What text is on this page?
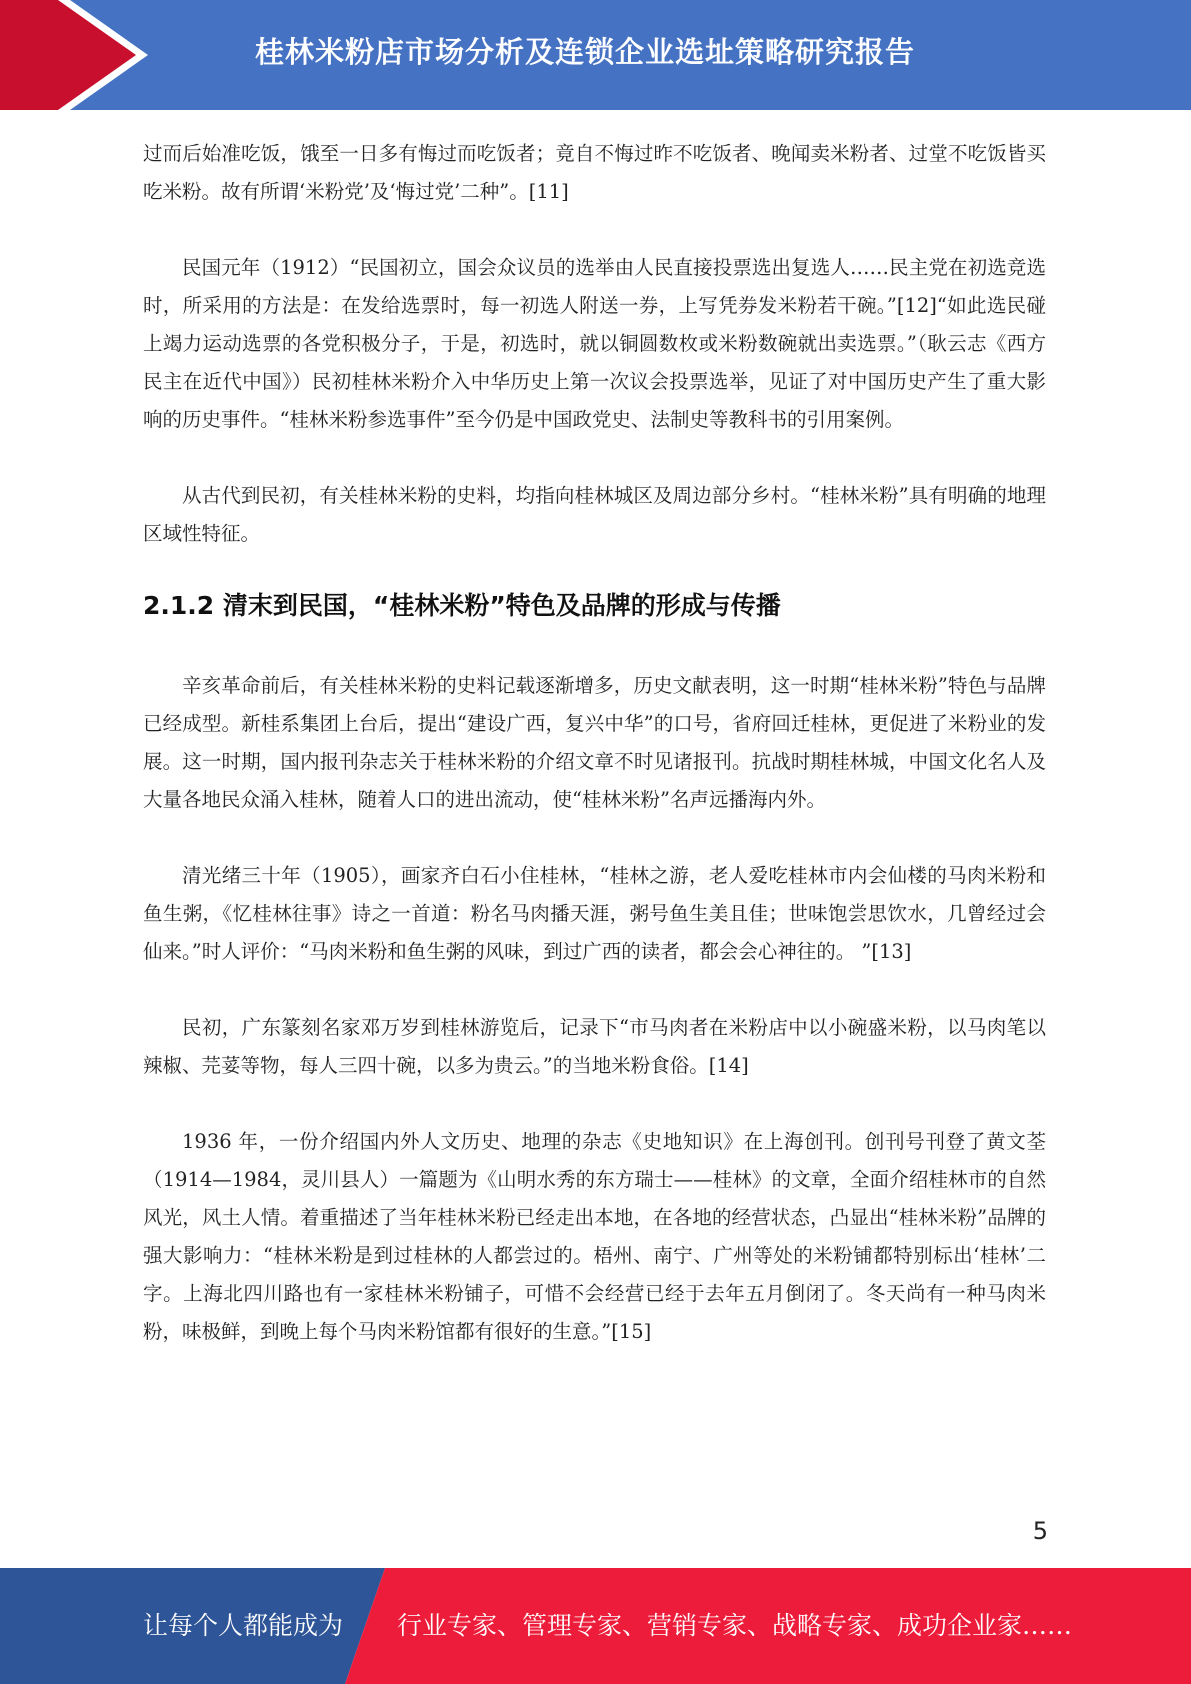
桂林米粉店市场分析及连锁企业选址策略研究报告

过而后始准吃饭，饿至一日多有悔过而吃饭者；竟自不悔过昨不吃饭者、晚闻卖米粉者、过堂不吃饭皆买吃米粉。故有所谓‘米粉党’及‘悔过党’二种”。[11]

民国元年（1912）“民国初立，国会众议员的选举由人民直接投票选出复选人……民主党在初选竞选时，所采用的方法是：在发给选票时，每一初选人附送一券，上写凭券发米粉若干碗。”[12]“如此选民碰上竭力运动选票的各党积极分子，于是，初选时，就以铜圆数枚或米粉数碗就出卖选票。”（耿云志《西方民主在近代中国》）民初桂林米粉介入中华历史上第一次议会投票选举，见证了对中国历史产生了重大影响的历史事件。“桂林米粉参选事件”至今仍是中国政党史、法制史等教科书的引用案例。

从古代到民初，有关桂林米粉的史料，均指向桂林城区及周边部分乡村。“桂林米粉”具有明确的地理区域性特征。

2.1.2 清末到民国，“桂林米粉”特色及品牌的形成与传播

辛亥革命前后，有关桂林米粉的史料记载逐渐增多，历史文献表明，这一时期“桂林米粉”特色与品牌已经成型。新桂系集团上台后，提出“建设广西，复兴中华”的口号，省府回迁桂林，更促进了米粉业的发展。这一时期，国内报刊杂志关于桂林米粉的介绍文章不时见诸报刊。抗战时期桂林城，中国文化名人及大量各地民众涌入桂林，随着人口的进出流动，使“桂林米粉”名声远播海内外。

清光绪三十年（1905），画家齐白石小住桂林，“桂林之游，老人爱吃桂林市内会仙楼的马肉米粉和鱼生粥，《忆桂林往事》诗之一首道：粉名马肉播天涯，粥号鱼生美且佳；世味饱尝思饮水，几曾经过会仙来。”时人评价：“马肉米粉和鱼生粥的风味，到过广西的读者，都会会心神往的。 ”[13]

民初，广东篆刻名家邓万岁到桂林游览后，记录下“市马肉者在米粉店中以小碗盛米粉，以马肉笔以辣椒、芫荽等物，每人三四十碗，以多为贵云。”的当地米粉食俗。[14]

1936 年，一份介绍国内外人文历史、地理的杂志《史地知识》在上海创刊。创刊号刊登了黄文荃（1914—1984，灵川县人）一篇题为《山明水秀的东方瑞士——桂林》的文章，全面介绍桂林市的自然风光，风土人情。着重描述了当年桂林米粉已经走出本地，在各地的经营状态，凸显出“桂林米粉”品牌的强大影响力：“桂林米粉是到过桂林的人都尝过的。梧州、南宁、广州等处的米粉铺都特别标出‘桂林’二字。上海北四川路也有一家桂林米粉铺子，可惜不会经营已经于去年五月倒闭了。冬天尚有一种马肉米粉，味极鲜，到晚上每个马肉米粉馆都有很好的生意。”[15]

5
让每个人都能成为 行业专家、管理专家、营销专家、战略专家、成功企业家……
